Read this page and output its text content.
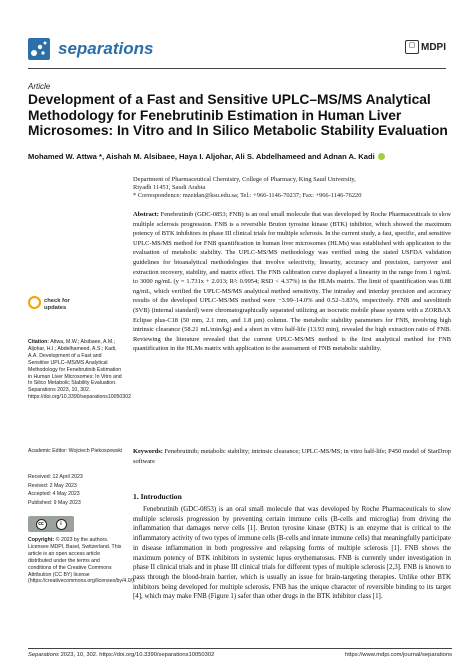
separations	▢ MDPI
Article
Development of a Fast and Sensitive UPLC–MS/MS Analytical Methodology for Fenebrutinib Estimation in Human Liver Microsomes: In Vitro and In Silico Metabolic Stability Evaluation
Mohamed W. Attwa *, Aishah M. Alsibaee, Haya I. Aljohar, Ali S. Abdelhameed and Adnan A. Kadi
Department of Pharmaceutical Chemistry, College of Pharmacy, King Saud University,
Riyadh 11451, Saudi Arabia
* Correspondence: mzeidan@ksu.edu.sa; Tel.: +966-1146-70237; Fax: +966-1146-76220
Abstract: Fenebrutinib (GDC-0853; FNB) is an oral small molecule that was developed by Roche Pharmaceuticals to slow multiple sclerosis progression. FNB is a reversible Bruton tyrosine kinase (BTK) inhibitor, which showed the maximum potency of BTK inhibitors in phase III clinical trials for multiple sclerosis. In the current study, a fast, specific, and sensitive UPLC-MS/MS method for FNB quantification in human liver microsomes (HLMs) was established with application to the evaluation of metabolic stability. The UPLC-MS/MS methodology was verified using the stated USFDA validation guidelines for bioanalytical methodologies that involve selectivity, linearity, accuracy and precision, carryover and extraction recovery, stability, and matrix effect. The FNB calibration curve displayed a linearity in the range from 1 ng/mL to 3000 ng/mL (y = 1.731x + 2.013; R²: 0.9954; RSD < 4.37%) in the HLMs matrix. The limit of quantification was 0.88 ng/mL, which verified the UPLC-MS/MS analytical method sensitivity. The intraday and interday precision and accuracy results of the developed UPLC-MS/MS method were −3.99–14.0% and 0.52–3.83%, respectively. FNB and savolitinib (SVB) (internal standard) were chromatographically separated utilizing an isocratic mobile phase system with a ZORBAX Eclipse plus-C18 (50 mm, 2.1 mm, and 1.8 μm) column. The metabolic stability parameters for FNB, involving high intrinsic clearance (58.21 mL/min/kg) and a short in vitro half-life (13.93 min), revealed the high extraction ratio of FNB. Reviewing the literature revealed that the current UPLC-MS/MS method is the first analytical method for FNB quantification in the HLMs matrix with application to the assessment of FNB metabolic stability.
Keywords: Fenebrutinib; metabolic stability; intrinsic clearance; UPLC-MS/MS; in vitro half-life; P450 model of StarDrop software
check for
updates
Citation: Attwa, M.W.; Alsibaee, A.M.; Aljohar, H.I.; Abdelhameed, A.S.; Kadi, A.A. Development of a Fast and Sensitive UPLC–MS/MS Analytical Methodology for Fenebrutinib Estimation in Human Liver Microsomes: In Vitro and In Silico Metabolic Stability Evaluation. Separations 2023, 10, 302. https://doi.org/10.3390/separations10050302
Academic Editor: Wojciech Piekoszewski
Received: 12 April 2023
Revised: 2 May 2023
Accepted: 4 May 2023
Published: 9 May 2023
cc	i
Copyright: © 2023 by the authors. Licensee MDPI, Basel, Switzerland. This article is an open access article distributed under the terms and conditions of the Creative Commons Attribution (CC BY) license (https://creativecommons.org/licenses/by/4.0/).
1. Introduction
Fenebrutinib (GDC-0853) is an oral small molecule that was developed by Roche Pharmaceuticals to slow multiple sclerosis progression by preventing certain immune cells (B-cells and microglia) from driving the inflammation that damages nerve cells [1]. Bruton tyrosine kinase (BTK) is an enzyme that is critical to the inflammatory activity of two types of immune cells (B-cells and innate immune cells) that meaningfully participate in disease inflammation in both progressive and relapsing forms of multiple sclerosis [1]. FNB shows the maximum potency of BTK inhibitors in systemic lupus erythematosus. FNB is currently under investigation in phase II clinical trials and in phase III clinical trials for different types of multiple sclerosis [2,3]. FNB is known to pass through the blood-brain barrier, which is usually an issue for brain-targeting therapies. Unlike other BTK inhibitors being developed for multiple sclerosis, FNB has the unique character of reversible binding to its target [4], which may make FNB (Figure 1) safer than other drugs in the BTK inhibitor class [1].
Separations 2023, 10, 302. https://doi.org/10.3390/separations10050302	https://www.mdpi.com/journal/separations
